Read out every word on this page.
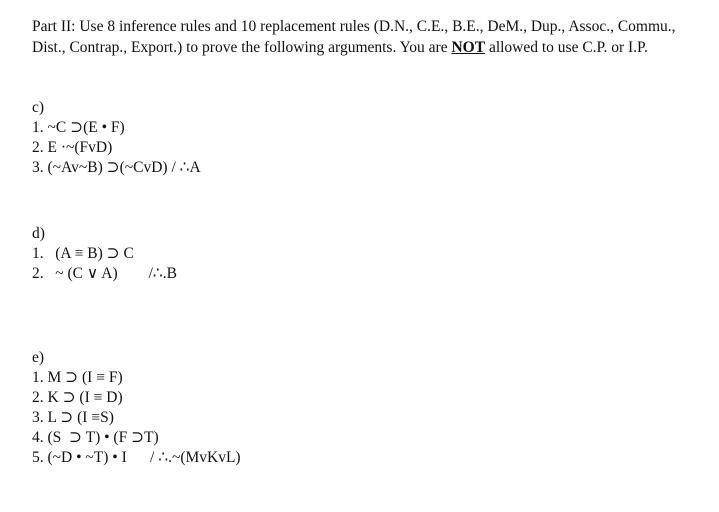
Part II: Use 8 inference rules and 10 replacement rules (D.N., C.E., B.E., DeM., Dup., Assoc., Commu., Dist., Contrap., Export.) to prove the following arguments. You are NOT allowed to use C.P. or I.P.

c)
1. ~C ⊃(E • F)
2. E ·~(FvD)
3. (~Av~B) ⊃(~CvD) / ∴A
d)
1.   (A ≡ B) ⊃ C
2.   ~ (C ∨ A)        /∴.B
e)
1. M ⊃ (I ≡ F)
2. K ⊃ (I ≡ D)
3. L ⊃ (I ≡S)
4. (S  ⊃ T) • (F ⊃T)
5. (~D • ~T) • I      / ∴.~(MvKvL)
